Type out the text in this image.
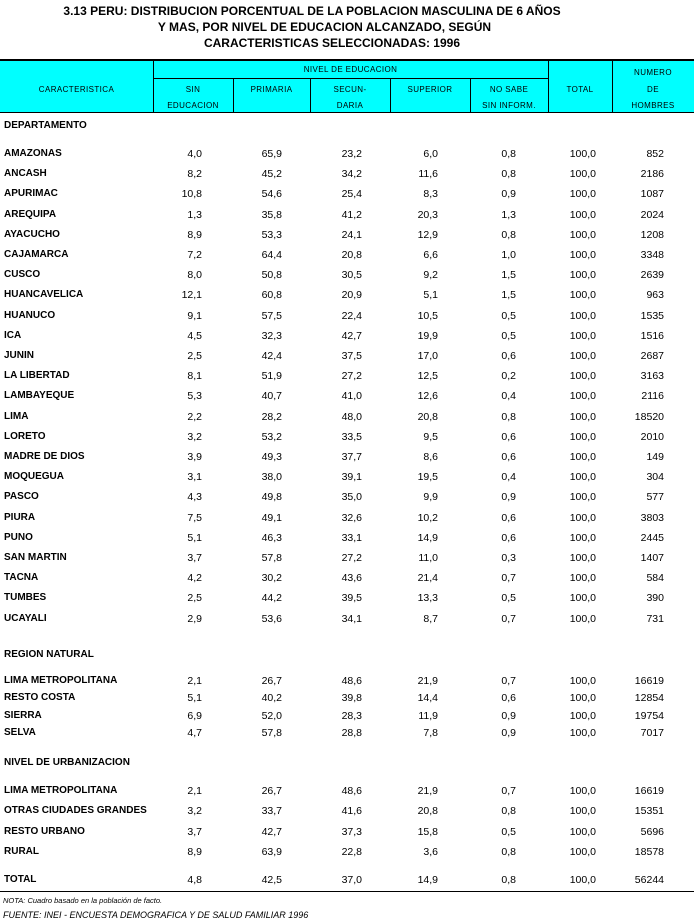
3.13 PERU: DISTRIBUCION PORCENTUAL DE LA POBLACION MASCULINA DE 6 AÑOS
Y MAS, POR NIVEL DE EDUCACION ALCANZADO, SEGÚN
CARACTERISTICAS SELECCIONADAS: 1996
CARACTERISTICA
NIVEL DE EDUCACION
SIN
EDUCACION
PRIMARIA	SECUN-
DARIA
SUPERIOR	NO SABE
SIN INFORM.
TOTAL
NUMERO
DE
HOMBRES
DEPARTAMENTO
REGION NATURAL
NIVEL DE URBANIZACION
AMAZONAS	4,0	65,9	23,2	6,0	0,8	100,0	852
ANCASH	8,2	45,2	34,2	11,6	0,8	100,0	2186
APURIMAC	10,8	54,6	25,4	8,3	0,9	100,0	1087
AREQUIPA	1,3	35,8	41,2	20,3	1,3	100,0	2024
AYACUCHO	8,9	53,3	24,1	12,9	0,8	100,0	1208
CAJAMARCA	7,2	64,4	20,8	6,6	1,0	100,0	3348
CUSCO	8,0	50,8	30,5	9,2	1,5	100,0	2639
HUANCAVELICA	12,1	60,8	20,9	5,1	1,5	100,0	963
HUANUCO	9,1	57,5	22,4	10,5	0,5	100,0	1535
ICA	4,5	32,3	42,7	19,9	0,5	100,0	1516
JUNIN	2,5	42,4	37,5	17,0	0,6	100,0	2687
LA LIBERTAD	8,1	51,9	27,2	12,5	0,2	100,0	3163
LAMBAYEQUE	5,3	40,7	41,0	12,6	0,4	100,0	2116
LIMA	2,2	28,2	48,0	20,8	0,8	100,0	18520
LORETO	3,2	53,2	33,5	9,5	0,6	100,0	2010
MADRE DE DIOS	3,9	49,3	37,7	8,6	0,6	100,0	149
MOQUEGUA	3,1	38,0	39,1	19,5	0,4	100,0	304
PASCO	4,3	49,8	35,0	9,9	0,9	100,0	577
PIURA	7,5	49,1	32,6	10,2	0,6	100,0	3803
PUNO	5,1	46,3	33,1	14,9	0,6	100,0	2445
SAN MARTIN	3,7	57,8	27,2	11,0	0,3	100,0	1407
TACNA	4,2	30,2	43,6	21,4	0,7	100,0	584
TUMBES	2,5	44,2	39,5	13,3	0,5	100,0	390
UCAYALI	2,9	53,6	34,1	8,7	0,7	100,0	731
LIMA METROPOLITANA	2,1	26,7	48,6	21,9	0,7	100,0	16619
RESTO COSTA	5,1	40,2	39,8	14,4	0,6	100,0	12854
SIERRA	6,9	52,0	28,3	11,9	0,9	100,0	19754
SELVA	4,7	57,8	28,8	7,8	0,9	100,0	7017
LIMA METROPOLITANA	2,1	26,7	48,6	21,9	0,7	100,0	16619
OTRAS CIUDADES GRANDES	3,2	33,7	41,6	20,8	0,8	100,0	15351
RESTO URBANO	3,7	42,7	37,3	15,8	0,5	100,0	5696
RURAL	8,9	63,9	22,8	3,6	0,8	100,0	18578
TOTAL	4,8	42,5	37,0	14,9	0,8	100,0	56244
NOTA: Cuadro basado en la población de facto.
FUENTE: INEI - ENCUESTA DEMOGRAFICA Y DE SALUD FAMILIAR 1996
